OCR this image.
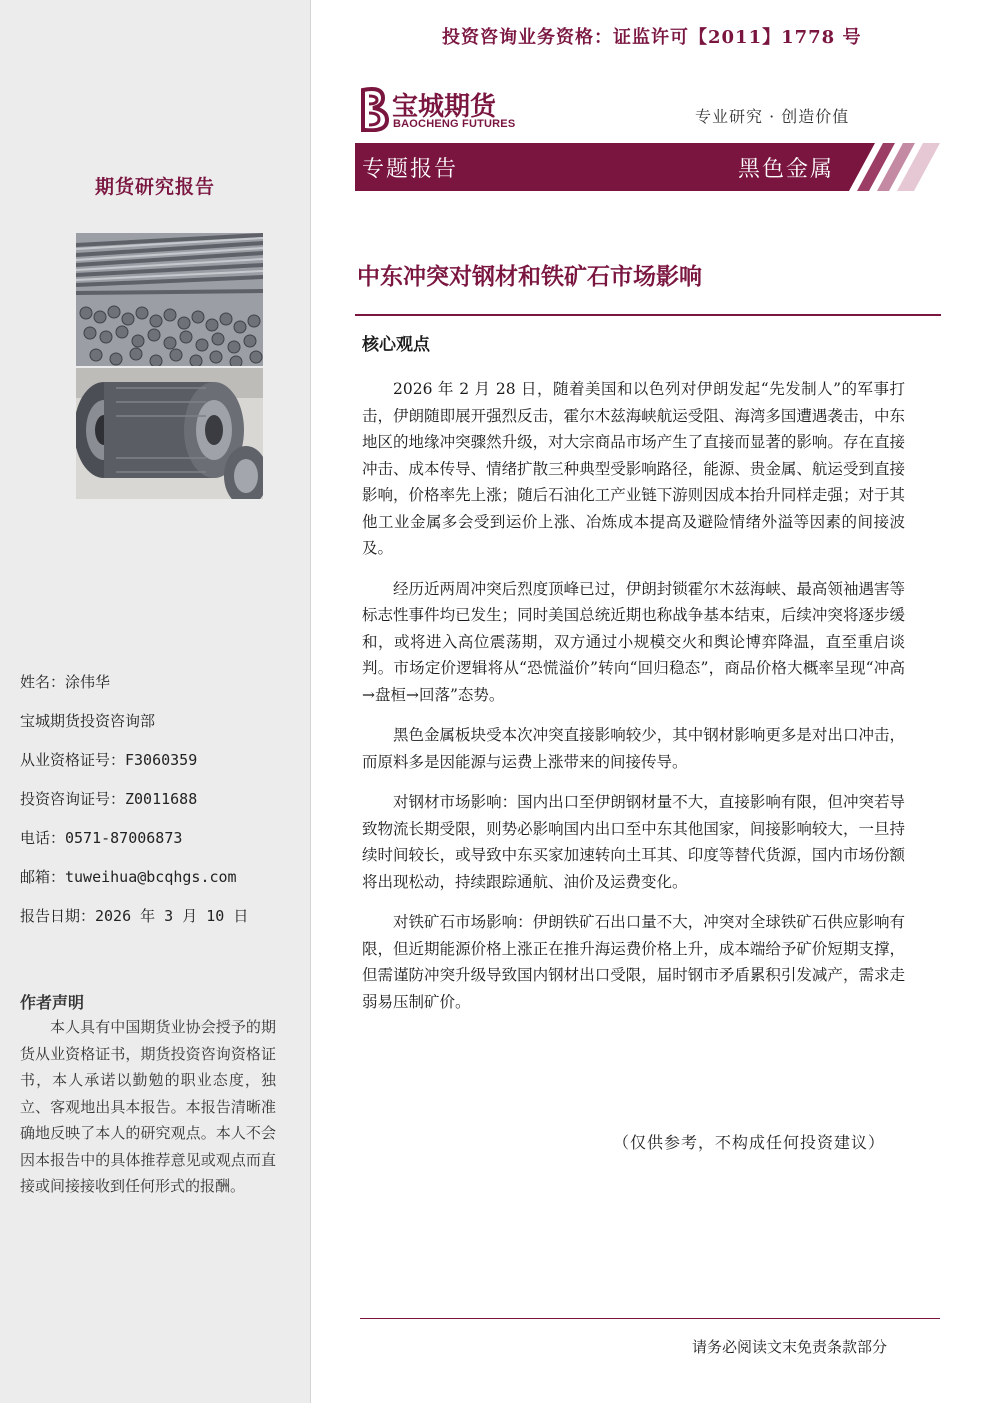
期货研究报告
姓名：涂伟华
宝城期货投资咨询部
从业资格证号：F3060359
投资咨询证号：Z0011688
电话：0571-87006873
邮箱：tuweihua@bcqhgs.com
报告日期：2026 年 3 月 10 日
作者声明
本人具有中国期货业协会授予的期货从业资格证书，期货投资咨询资格证书，本人承诺以勤勉的职业态度，独立、客观地出具本报告。本报告清晰准确地反映了本人的研究观点。本人不会因本报告中的具体推荐意见或观点而直接或间接接收到任何形式的报酬。
投资咨询业务资格：证监许可【2011】1778 号
宝城期货
BAOCHENG FUTURES	专业研究 · 创造价值
专题报告	黑色金属
中东冲突对钢材和铁矿石市场影响
核心观点

2026 年 2 月 28 日，随着美国和以色列对伊朗发起“先发制人”的军事打击，伊朗随即展开强烈反击，霍尔木兹海峡航运受阻、海湾多国遭遇袭击，中东地区的地缘冲突骤然升级，对大宗商品市场产生了直接而显著的影响。存在直接冲击、成本传导、情绪扩散三种典型受影响路径，能源、贵金属、航运受到直接影响，价格率先上涨；随后石油化工产业链下游则因成本抬升同样走强；对于其他工业金属多会受到运价上涨、冶炼成本提高及避险情绪外溢等因素的间接波及。

经历近两周冲突后烈度顶峰已过，伊朗封锁霍尔木兹海峡、最高领袖遇害等标志性事件均已发生；同时美国总统近期也称战争基本结束，后续冲突将逐步缓和，或将进入高位震荡期，双方通过小规模交火和舆论博弈降温，直至重启谈判。市场定价逻辑将从“恐慌溢价”转向“回归稳态”，商品价格大概率呈现“冲高→盘桓→回落”态势。

黑色金属板块受本次冲突直接影响较少，其中钢材影响更多是对出口冲击，而原料多是因能源与运费上涨带来的间接传导。

对钢材市场影响：国内出口至伊朗钢材量不大，直接影响有限，但冲突若导致物流长期受限，则势必影响国内出口至中东其他国家，间接影响较大，一旦持续时间较长，或导致中东买家加速转向土耳其、印度等替代货源，国内市场份额将出现松动，持续跟踪通航、油价及运费变化。

对铁矿石市场影响：伊朗铁矿石出口量不大，冲突对全球铁矿石供应影响有限，但近期能源价格上涨正在推升海运费价格上升，成本端给予矿价短期支撑，但需谨防冲突升级导致国内钢材出口受限，届时钢市矛盾累积引发减产，需求走弱易压制矿价。

（仅供参考，不构成任何投资建议）
请务必阅读文末免责条款部分
